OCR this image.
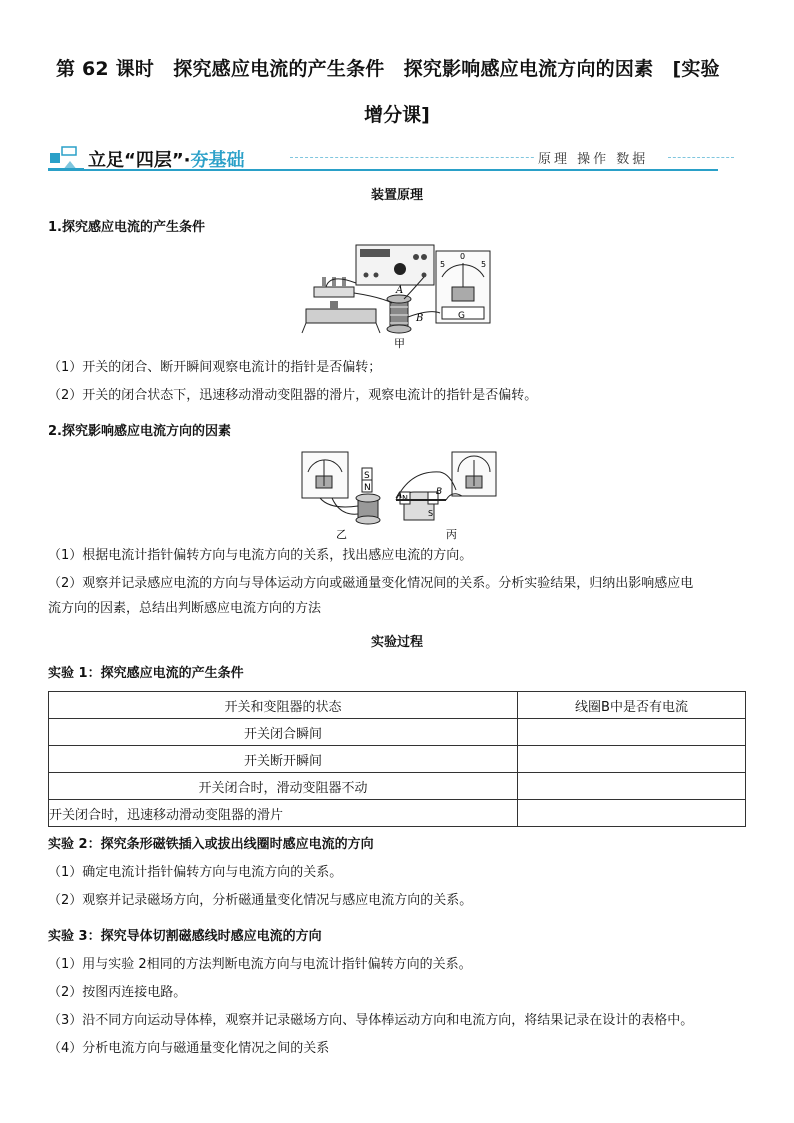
第 62 课时　探究感应电流的产生条件　探究影响感应电流方向的因素　[实验
增分课]
立足“四层”·夯基础	原理 操作 数据
装置原理
1.探究感应电流的产生条件
A
B	G
5
0
5
甲
（1）开关的闭合、断开瞬间观察电流计的指针是否偏转；
（2）开关的闭合状态下，迅速移动滑动变阻器的滑片，观察电流计的指针是否偏转。
2.探究影响感应电流方向的因素
S
N
N
S
A	B
乙	丙
（1）根据电流计指针偏转方向与电流方向的关系，找出感应电流的方向。
（2）观察并记录感应电流的方向与导体运动方向或磁通量变化情况间的关系。分析实验结果，归纳出影响感应电
流方向的因素，总结出判断感应电流方向的方法
实验过程
实验 1：探究感应电流的产生条件
开关和变阻器的状态	线圈B中是否有电流
开关闭合瞬间	
开关断开瞬间	
开关闭合时，滑动变阻器不动	
开关闭合时，迅速移动滑动变阻器的滑片	
实验 2：探究条形磁铁插入或拔出线圈时感应电流的方向
（1）确定电流计指针偏转方向与电流方向的关系。
（2）观察并记录磁场方向，分析磁通量变化情况与感应电流方向的关系。
实验 3：探究导体切割磁感线时感应电流的方向
（1）用与实验 2相同的方法判断电流方向与电流计指针偏转方向的关系。
（2）按图丙连接电路。
（3）沿不同方向运动导体棒，观察并记录磁场方向、导体棒运动方向和电流方向，将结果记录在设计的表格中。
（4）分析电流方向与磁通量变化情况之间的关系
